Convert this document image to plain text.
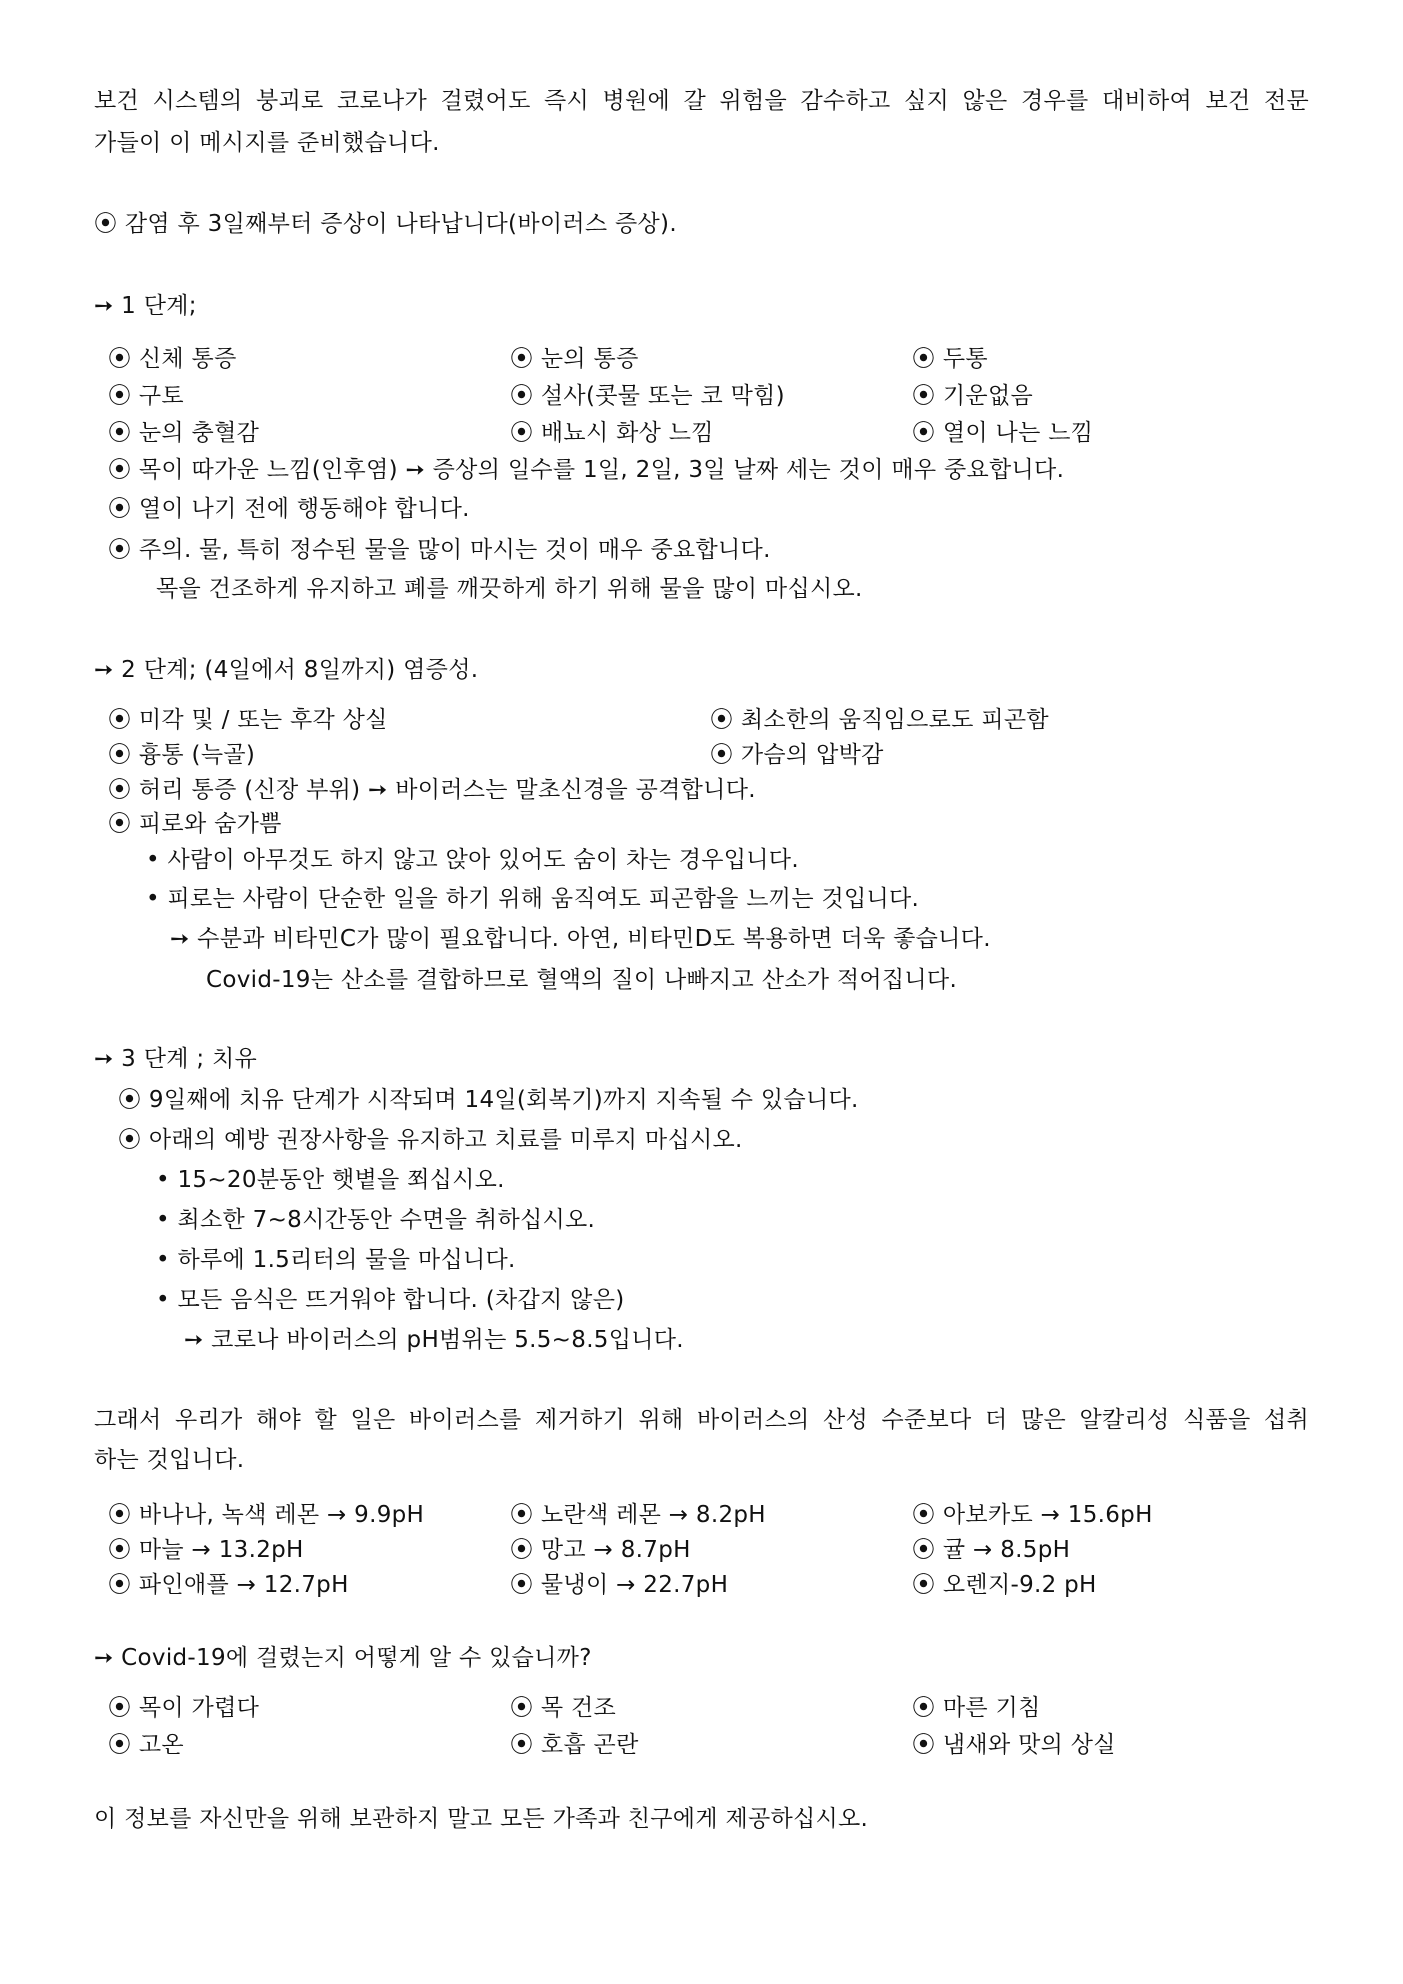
보건 시스템의 붕괴로 코로나가 걸렸어도 즉시 병원에 갈 위험을 감수하고 싶지 않은 경우를 대비하여 보건 전문
가들이 이 메시지를 준비했습니다.
⦿ 감염 후 3일째부터 증상이 나타납니다(바이러스 증상).
➙ 1 단계;
⦿ 신체 통증	⦿ 눈의 통증	⦿ 두통
⦿ 구토	⦿ 설사(콧물 또는 코 막힘)	⦿ 기운없음
⦿ 눈의 충혈감	⦿ 배뇨시 화상 느낌	⦿ 열이 나는 느낌
⦿ 목이 따가운 느낌(인후염) ➙ 증상의 일수를 1일, 2일, 3일 날짜 세는 것이 매우 중요합니다.
⦿ 열이 나기 전에 행동해야 합니다.
⦿ 주의. 물, 특히 정수된 물을 많이 마시는 것이 매우 중요합니다.
목을 건조하게 유지하고 폐를 깨끗하게 하기 위해 물을 많이 마십시오.
➙ 2 단계; (4일에서 8일까지) 염증성.
⦿ 미각 및 / 또는 후각 상실	⦿ 최소한의 움직임으로도 피곤함
⦿ 흉통 (늑골)	⦿ 가슴의 압박감
⦿ 허리 통증 (신장 부위) ➙ 바이러스는 말초신경을 공격합니다.
⦿ 피로와 숨가쁨
• 사람이 아무것도 하지 않고 앉아 있어도 숨이 차는 경우입니다.
• 피로는 사람이 단순한 일을 하기 위해 움직여도 피곤함을 느끼는 것입니다.
➙ 수분과 비타민C가 많이 필요합니다. 아연, 비타민D도 복용하면 더욱 좋습니다.
Covid-19는 산소를 결합하므로 혈액의 질이 나빠지고 산소가 적어집니다.
➙ 3 단계 ; 치유
⦿ 9일째에 치유 단계가 시작되며 14일(회복기)까지 지속될 수 있습니다.
⦿ 아래의 예방 권장사항을 유지하고 치료를 미루지 마십시오.
• 15~20분동안 햇볕을 쬐십시오.
• 최소한 7~8시간동안 수면을 취하십시오.
• 하루에 1.5리터의 물을 마십니다.
• 모든 음식은 뜨거워야 합니다. (차갑지 않은)
➙ 코로나 바이러스의 pH범위는 5.5~8.5입니다.
그래서 우리가 해야 할 일은 바이러스를 제거하기 위해 바이러스의 산성 수준보다 더 많은 알칼리성 식품을 섭취
하는 것입니다.
⦿ 바나나, 녹색 레몬 → 9.9pH	⦿ 노란색 레몬 → 8.2pH	⦿ 아보카도 → 15.6pH
⦿ 마늘 → 13.2pH	⦿ 망고 → 8.7pH	⦿ 귤 → 8.5pH
⦿ 파인애플 → 12.7pH	⦿ 물냉이 → 22.7pH	⦿ 오렌지-9.2 pH
➙ Covid-19에 걸렸는지 어떻게 알 수 있습니까?
⦿ 목이 가렵다	⦿ 목 건조	⦿ 마른 기침
⦿ 고온	⦿ 호흡 곤란	⦿ 냄새와 맛의 상실
이 정보를 자신만을 위해 보관하지 말고 모든 가족과 친구에게 제공하십시오.
